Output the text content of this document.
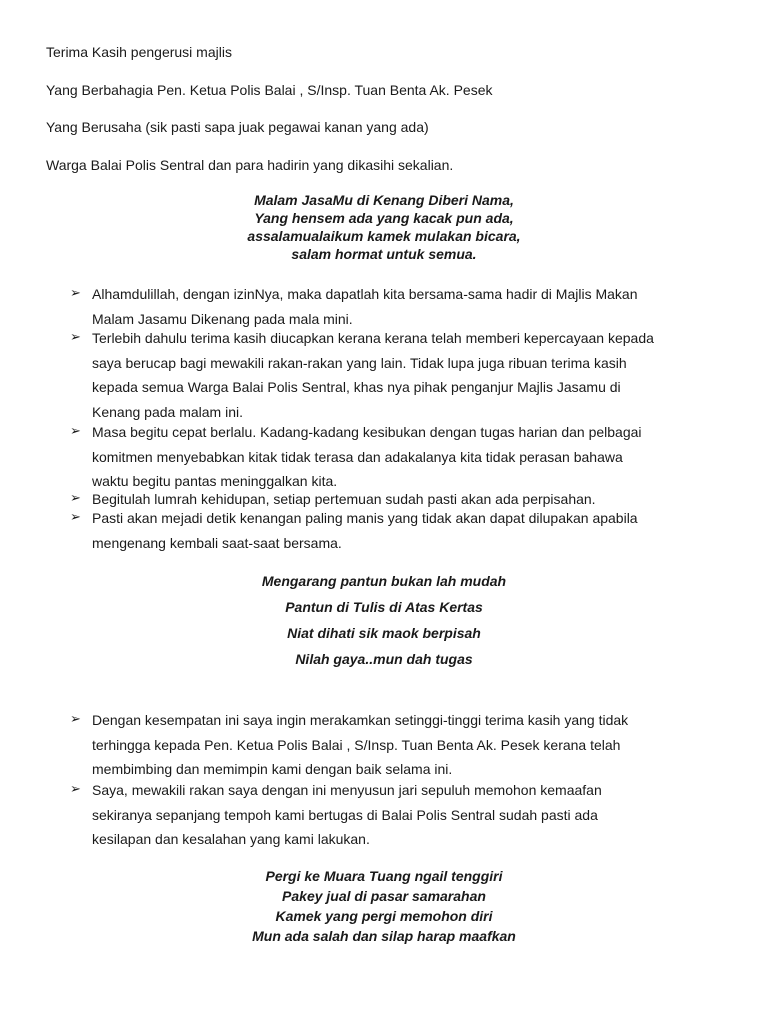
Terima Kasih pengerusi majlis

Yang Berbahagia Pen. Ketua Polis Balai , S/Insp. Tuan Benta Ak. Pesek

Yang Berusaha (sik pasti sapa juak pegawai kanan yang ada)

Warga Balai Polis Sentral dan para hadirin yang dikasihi sekalian.

Malam JasaMu di Kenang Diberi Nama,
Yang hensem ada yang kacak pun ada,
assalamualaikum kamek mulakan bicara,
salam hormat untuk semua.
➢ Alhamdulillah, dengan izinNya, maka dapatlah kita bersama-sama hadir di Majlis Makan
Malam Jasamu Dikenang pada mala mini.
➢ Terlebih dahulu terima kasih diucapkan kerana kerana telah memberi kepercayaan kepada
saya berucap bagi mewakili rakan-rakan yang lain. Tidak lupa juga ribuan terima kasih
kepada semua Warga Balai Polis Sentral, khas nya pihak penganjur Majlis Jasamu di
Kenang pada malam ini.
➢ Masa begitu cepat berlalu. Kadang-kadang kesibukan dengan tugas harian dan pelbagai
komitmen menyebabkan kitak tidak terasa dan adakalanya kita tidak perasan bahawa
waktu begitu pantas meninggalkan kita.
➢ Begitulah lumrah kehidupan, setiap pertemuan sudah pasti akan ada perpisahan.
➢ Pasti akan mejadi detik kenangan paling manis yang tidak akan dapat dilupakan apabila
mengenang kembali saat-saat bersama.
Mengarang pantun bukan lah mudah
Pantun di Tulis di Atas Kertas
Niat dihati sik maok berpisah
Nilah gaya..mun dah tugas
➢ Dengan kesempatan ini saya ingin merakamkan setinggi-tinggi terima kasih yang tidak
terhingga kepada Pen. Ketua Polis Balai , S/Insp. Tuan Benta Ak. Pesek kerana telah
membimbing dan memimpin kami dengan baik selama ini.
➢ Saya, mewakili rakan saya dengan ini menyusun jari sepuluh memohon kemaafan
sekiranya sepanjang tempoh kami bertugas di Balai Polis Sentral sudah pasti ada
kesilapan dan kesalahan yang kami lakukan.
Pergi ke Muara Tuang ngail tenggiri
Pakey jual di pasar samarahan
Kamek yang pergi memohon diri
Mun ada salah dan silap harap maafkan
